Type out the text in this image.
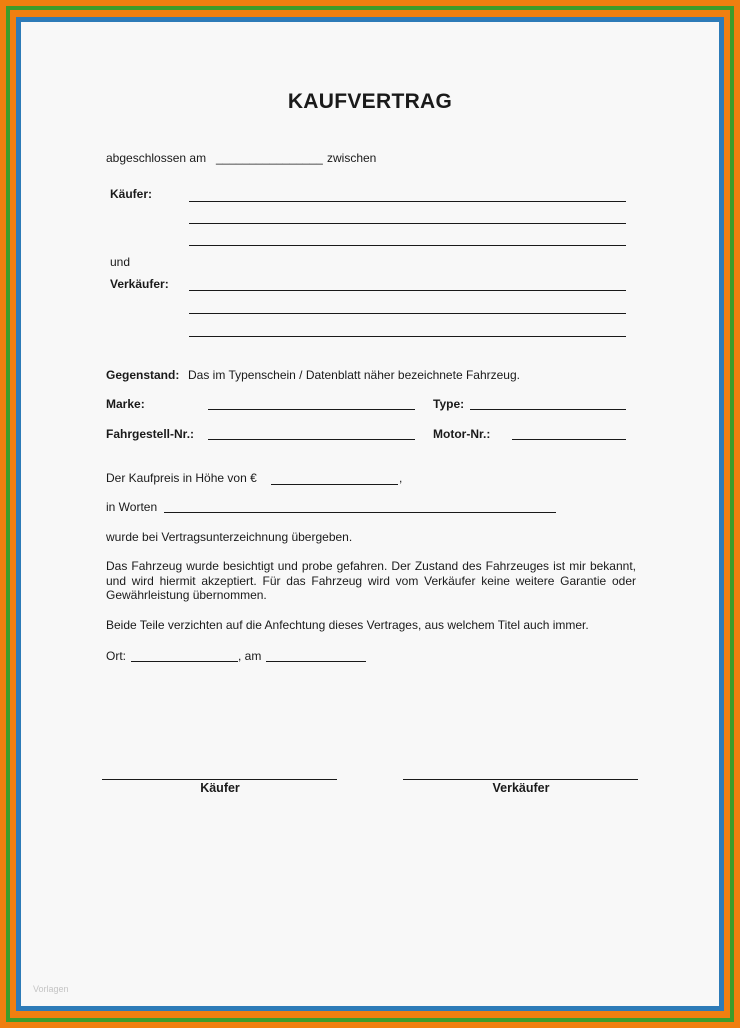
KAUFVERTRAG
abgeschlossen am ________________ zwischen
Käufer:
und
Verkäufer:
Gegenstand: Das im Typenschein / Datenblatt näher bezeichnete Fahrzeug.
Marke:	Type:
Fahrgestell-Nr.:	Motor-Nr.:
Der Kaufpreis in Höhe von €	,
in Worten
wurde bei Vertragsunterzeichnung übergeben.
Das Fahrzeug wurde besichtigt und probe gefahren. Der Zustand des Fahrzeuges ist mir bekannt, und wird hiermit akzeptiert. Für das Fahrzeug wird vom Verkäufer keine weitere Garantie oder Gewährleistung übernommen.
Beide Teile verzichten auf die Anfechtung dieses Vertrages, aus welchem Titel auch immer.
Ort:	, am
Käufer	Verkäufer
Vorlagen
